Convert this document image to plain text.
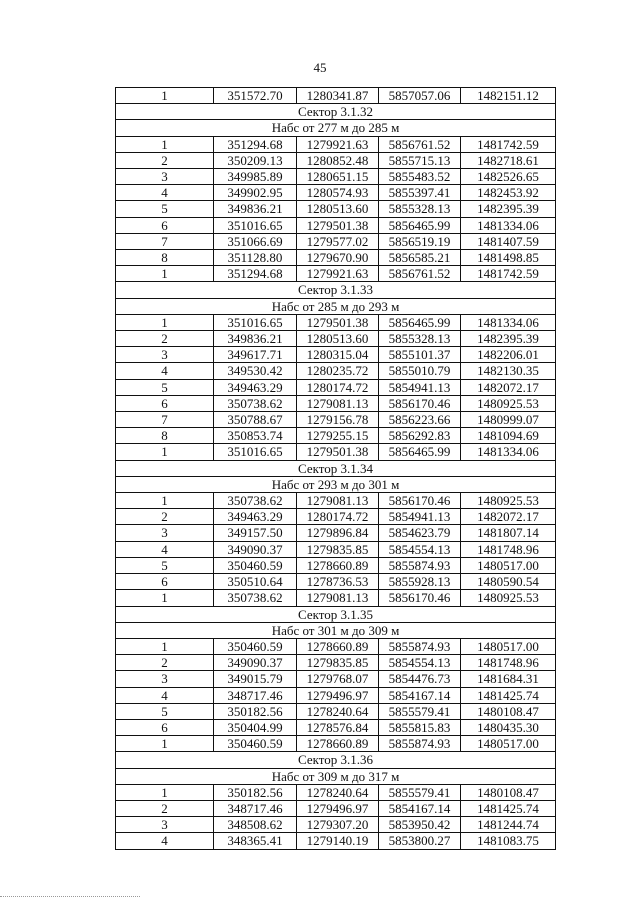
45
1	351572.70	1280341.87	5857057.06	1482151.12
Сектор 3.1.32				
Набс от 277 м до 285 м				
1	351294.68	1279921.63	5856761.52	1481742.59
2	350209.13	1280852.48	5855715.13	1482718.61
3	349985.89	1280651.15	5855483.52	1482526.65
4	349902.95	1280574.93	5855397.41	1482453.92
5	349836.21	1280513.60	5855328.13	1482395.39
6	351016.65	1279501.38	5856465.99	1481334.06
7	351066.69	1279577.02	5856519.19	1481407.59
8	351128.80	1279670.90	5856585.21	1481498.85
1	351294.68	1279921.63	5856761.52	1481742.59
Сектор 3.1.33				
Набс от 285 м до 293 м				
1	351016.65	1279501.38	5856465.99	1481334.06
2	349836.21	1280513.60	5855328.13	1482395.39
3	349617.71	1280315.04	5855101.37	1482206.01
4	349530.42	1280235.72	5855010.79	1482130.35
5	349463.29	1280174.72	5854941.13	1482072.17
6	350738.62	1279081.13	5856170.46	1480925.53
7	350788.67	1279156.78	5856223.66	1480999.07
8	350853.74	1279255.15	5856292.83	1481094.69
1	351016.65	1279501.38	5856465.99	1481334.06
Сектор 3.1.34				
Набс от 293 м до 301 м				
1	350738.62	1279081.13	5856170.46	1480925.53
2	349463.29	1280174.72	5854941.13	1482072.17
3	349157.50	1279896.84	5854623.79	1481807.14
4	349090.37	1279835.85	5854554.13	1481748.96
5	350460.59	1278660.89	5855874.93	1480517.00
6	350510.64	1278736.53	5855928.13	1480590.54
1	350738.62	1279081.13	5856170.46	1480925.53
Сектор 3.1.35				
Набс от 301 м до 309 м				
1	350460.59	1278660.89	5855874.93	1480517.00
2	349090.37	1279835.85	5854554.13	1481748.96
3	349015.79	1279768.07	5854476.73	1481684.31
4	348717.46	1279496.97	5854167.14	1481425.74
5	350182.56	1278240.64	5855579.41	1480108.47
6	350404.99	1278576.84	5855815.83	1480435.30
1	350460.59	1278660.89	5855874.93	1480517.00
Сектор 3.1.36				
Набс от 309 м до 317 м				
1	350182.56	1278240.64	5855579.41	1480108.47
2	348717.46	1279496.97	5854167.14	1481425.74
3	348508.62	1279307.20	5853950.42	1481244.74
4	348365.41	1279140.19	5853800.27	1481083.75
